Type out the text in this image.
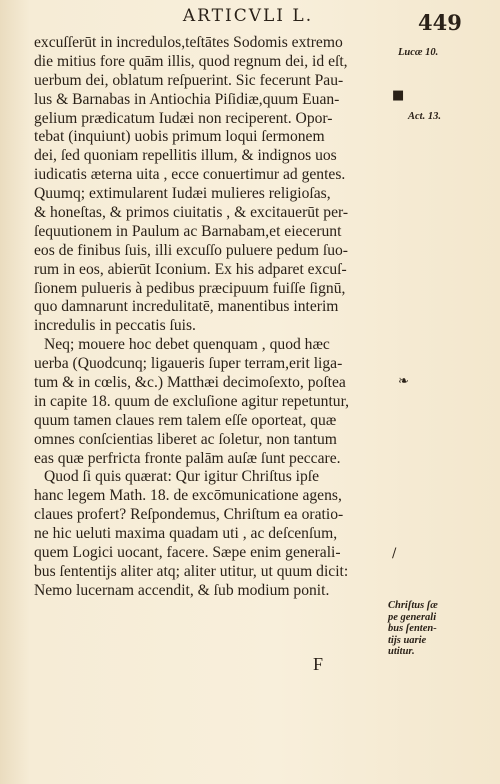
ARTICVLI L.	449
excuſſerūt in incredulos,teſtātes Sodomis extremo
die mitius fore quām illis, quod regnum dei, id eſt,
uerbum dei, oblatum reſpuerint. Sic fecerunt Pau-
lus & Barnabas in Antiochia Piſidiæ,quum Euan-
gelium prædicatum Iudæi non reciperent. Opor-
tebat (inquiunt) uobis primum loqui ſermonem
dei, ſed quoniam repellitis illum, & indignos uos
iudicatis æterna uita , ecce conuertimur ad gentes.
Quumq; extimularent Iudæi mulieres religioſas,
& honeſtas, & primos ciuitatis , & excitauerūt per-
ſequutionem in Paulum ac Barnabam,et eiecerunt
eos de finibus ſuis, illi excuſſo puluere pedum ſuo-
rum in eos, abierūt Iconium. Ex his adparet excuſ-
ſionem pulueris à pedibus præcipuum fuiſſe ſignū,
quo damnarunt incredulitatē, manentibus interim
incredulis in peccatis ſuis.
Neq; mouere hoc debet quenquam , quod hæc
uerba (Quodcunq; ligaueris ſuper terram,erit liga-
tum & in cœlis, &c.) Matthæi decimoſexto, poſtea
in capite 18. quum de excluſione agitur repetuntur,
quum tamen claues rem talem eſſe oporteat, quæ
omnes conſcientias liberet ac ſoletur, non tantum
eas quæ perfricta fronte palām auſæ ſunt peccare.
Quod ſi quis quærat: Qur igitur Chriſtus ipſe
hanc legem Math. 18. de excōmunicatione agens,
claues profert? Reſpondemus, Chriſtum ea oratio-
ne hic ueluti maxima quadam uti , ac deſcenſum,
quem Logici uocant, facere. Sæpe enim generali-
bus ſententijs aliter atq; aliter utitur, ut quum dicit:
Nemo lucernam accendit, & ſub modium ponit.
Lucæ 10.
Act. 13.
■
❧
/
Chriſtus ſæ
pe generali
bus ſenten-
tijs uarie
utitur.
F
